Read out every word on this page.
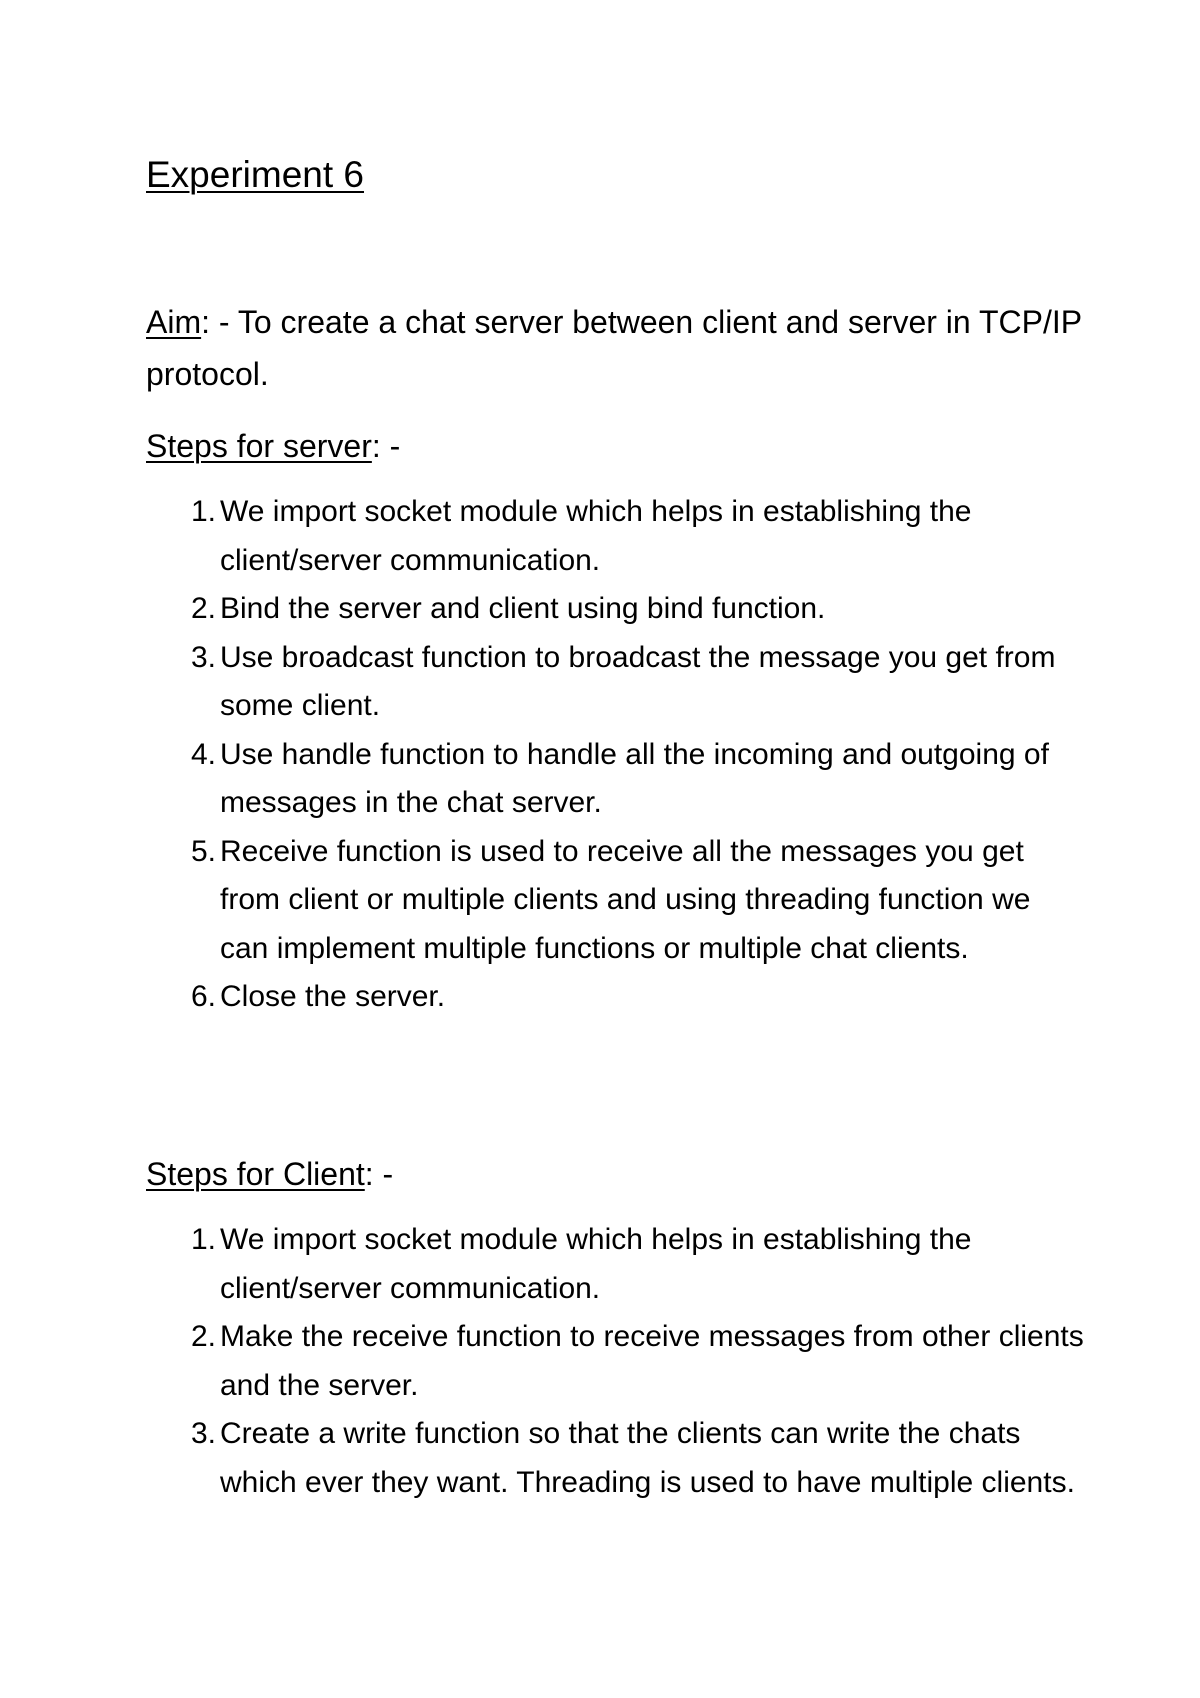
Experiment 6

Aim: - To create a chat server between client and server in TCP/IP protocol.

Steps for server: -
1. We import socket module which helps in establishing the client/server communication.
2. Bind the server and client using bind function.
3. Use broadcast function to broadcast the message you get from some client.
4. Use handle function to handle all the incoming and outgoing of messages in the chat server.
5. Receive function is used to receive all the messages you get from client or multiple clients and using threading function we can implement multiple functions or multiple chat clients.
6. Close the server.
Steps for Client: -
1. We import socket module which helps in establishing the client/server communication.
2. Make the receive function to receive messages from other clients and the server.
3. Create a write function so that the clients can write the chats which ever they want. Threading is used to have multiple clients.
